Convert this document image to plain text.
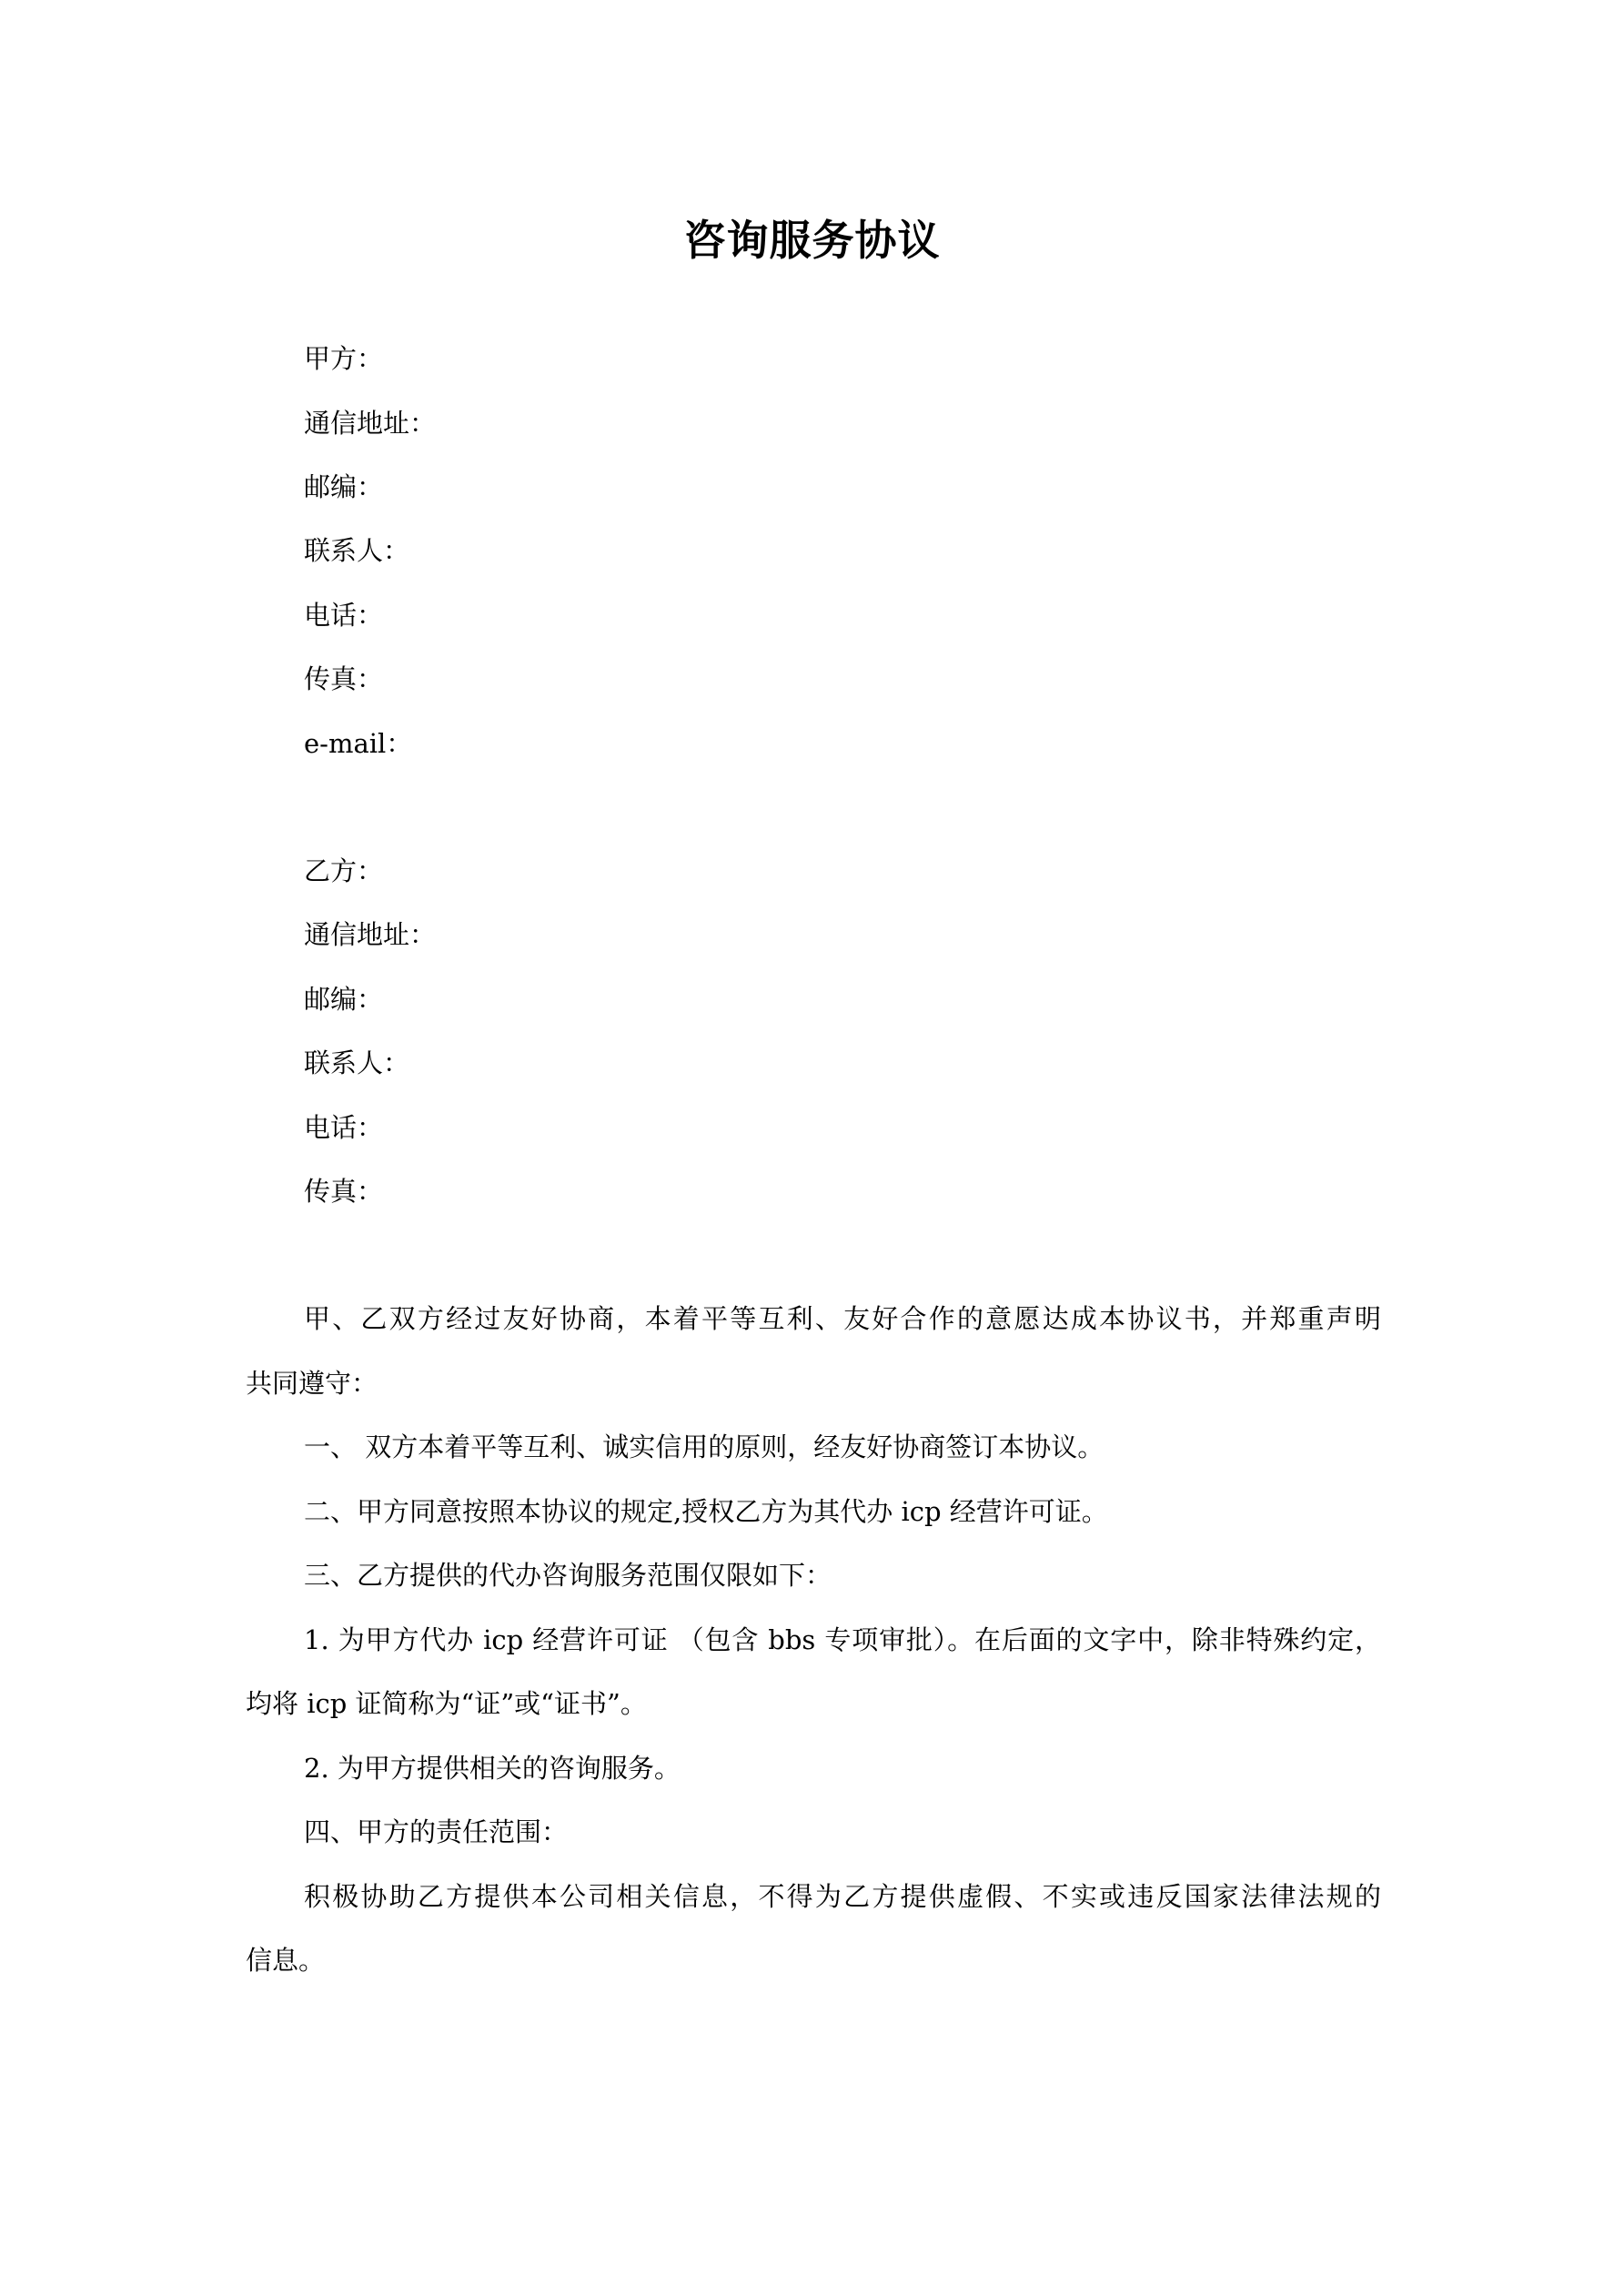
咨询服务协议
甲方：
通信地址：
邮编：
联系人：
电话：
传真：
e-mail：
乙方：
通信地址：
邮编：
联系人：
电话：
传真：
甲、乙双方经过友好协商，本着平等互利、友好合作的意愿达成本协议书，并郑重声明
共同遵守：
一、 双方本着平等互利、诚实信用的原则，经友好协商签订本协议。
二、甲方同意按照本协议的规定,授权乙方为其代办 icp 经营许可证。
三、乙方提供的代办咨询服务范围仅限如下：
1. 为甲方代办 icp 经营许可证 （包含 bbs 专项审批）。在后面的文字中，除非特殊约定，
均将 icp 证简称为“证”或“证书”。
2. 为甲方提供相关的咨询服务。
四、甲方的责任范围：
积极协助乙方提供本公司相关信息，不得为乙方提供虚假、不实或违反国家法律法规的
信息。
